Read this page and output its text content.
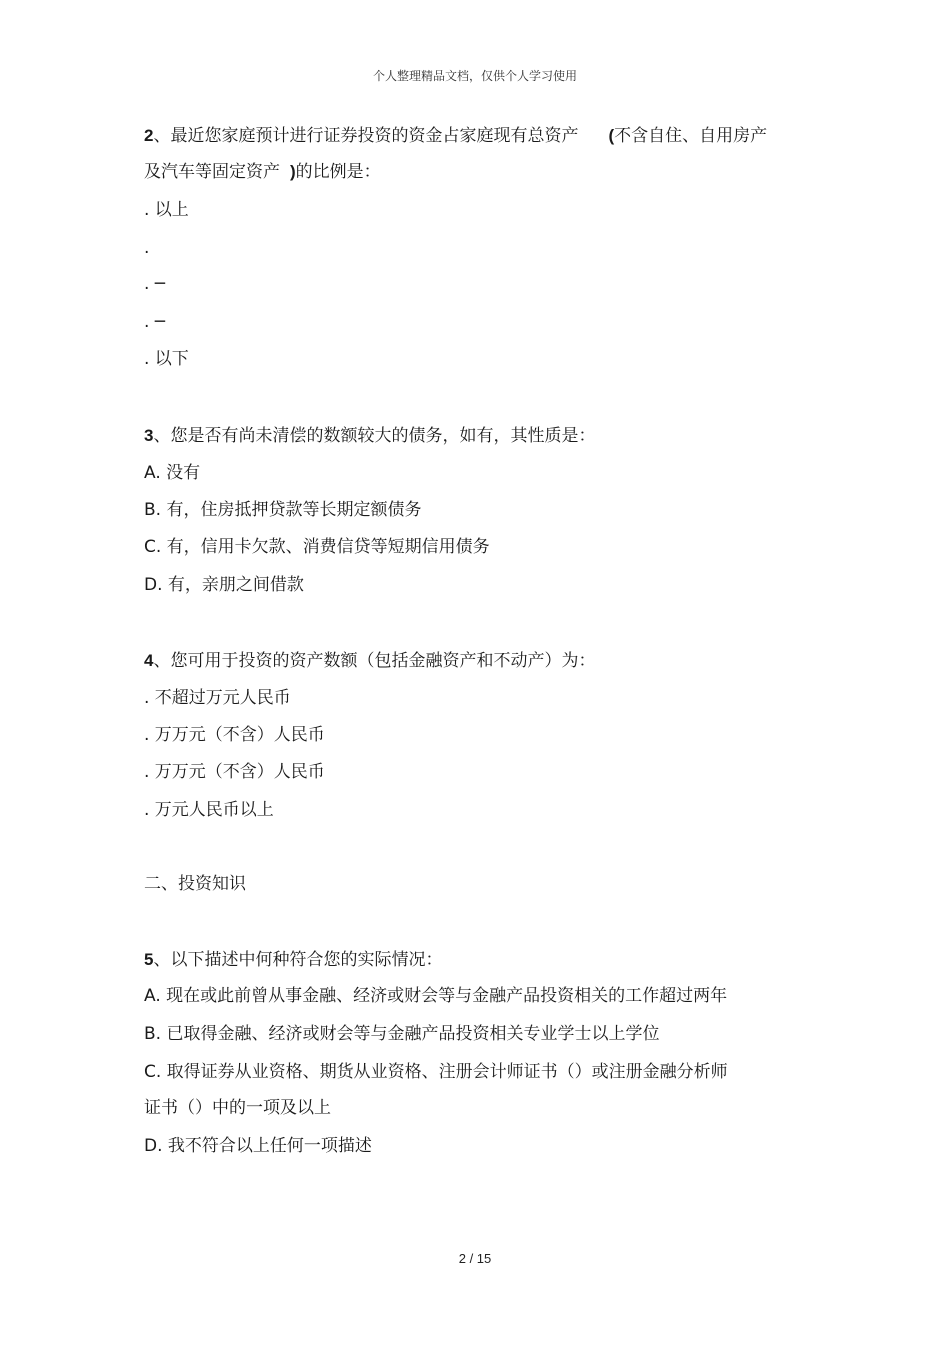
个人整理精品文档，仅供个人学习使用
2、最近您家庭预计进行证券投资的资金占家庭现有总资产 (不含自住、自用房产
及汽车等固定资产 )的比例是：
. 以上
.
. ─
. ─
. 以下
3、您是否有尚未清偿的数额较大的债务，如有，其性质是：
A. 没有
B. 有，住房抵押贷款等长期定额债务
C. 有，信用卡欠款、消费信贷等短期信用债务
D. 有，亲朋之间借款
4、您可用于投资的资产数额（包括金融资产和不动产）为：
. 不超过万元人民币
. 万万元（不含）人民币
. 万万元（不含）人民币
. 万元人民币以上
二、投资知识
5、以下描述中何种符合您的实际情况：
A. 现在或此前曾从事金融、经济或财会等与金融产品投资相关的工作超过两年
B. 已取得金融、经济或财会等与金融产品投资相关专业学士以上学位
C. 取得证券从业资格、期货从业资格、注册会计师证书（）或注册金融分析师
证书（）中的一项及以上
D. 我不符合以上任何一项描述
2 / 15
